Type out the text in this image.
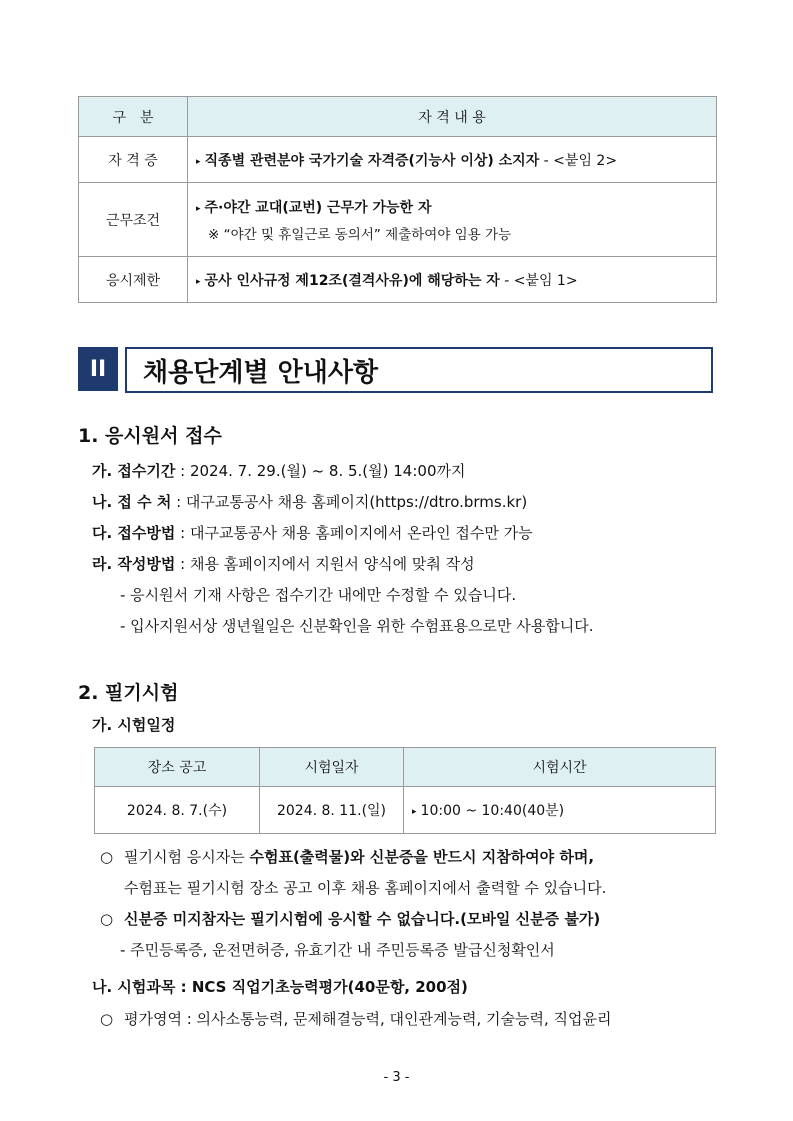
구　분	자 격 내 용
자 격 증	▸ 직종별 관련분야 국가기술 자격증(기능사 이상) 소지자 - <붙임 2>
근무조건	▸ 주·야간 교대(교번) 근무가 가능한 자
※ “야간 및 휴일근로 동의서” 제출하여야 임용 가능

응시제한	▸ 공사 인사규정 제12조(결격사유)에 해당하는 자 - <붙임 1>
II	채용단계별 안내사항
1. 응시원서 접수
가. 접수기간 : 2024. 7. 29.(월) ~ 8. 5.(월) 14:00까지
나. 접 수 처 : 대구교통공사 채용 홈페이지(https://dtro.brms.kr)
다. 접수방법 : 대구교통공사 채용 홈페이지에서 온라인 접수만 가능
라. 작성방법 : 채용 홈페이지에서 지원서 양식에 맞춰 작성
- 응시원서 기재 사항은 접수기간 내에만 수정할 수 있습니다.
- 입사지원서상 생년월일은 신분확인을 위한 수험표용으로만 사용합니다.
2. 필기시험
가. 시험일정
장소 공고	시험일자	시험시간
2024. 8. 7.(수)	2024. 8. 11.(일)	▸ 10:00 ~ 10:40(40분)
○ 필기시험 응시자는 수험표(출력물)와 신분증을 반드시 지참하여야 하며,
수험표는 필기시험 장소 공고 이후 채용 홈페이지에서 출력할 수 있습니다.
○ 신분증 미지참자는 필기시험에 응시할 수 없습니다.(모바일 신분증 불가)
- 주민등록증, 운전면허증, 유효기간 내 주민등록증 발급신청확인서
나. 시험과목 : NCS 직업기초능력평가(40문항, 200점)
○ 평가영역 : 의사소통능력, 문제해결능력, 대인관계능력, 기술능력, 직업윤리
- 3 -
